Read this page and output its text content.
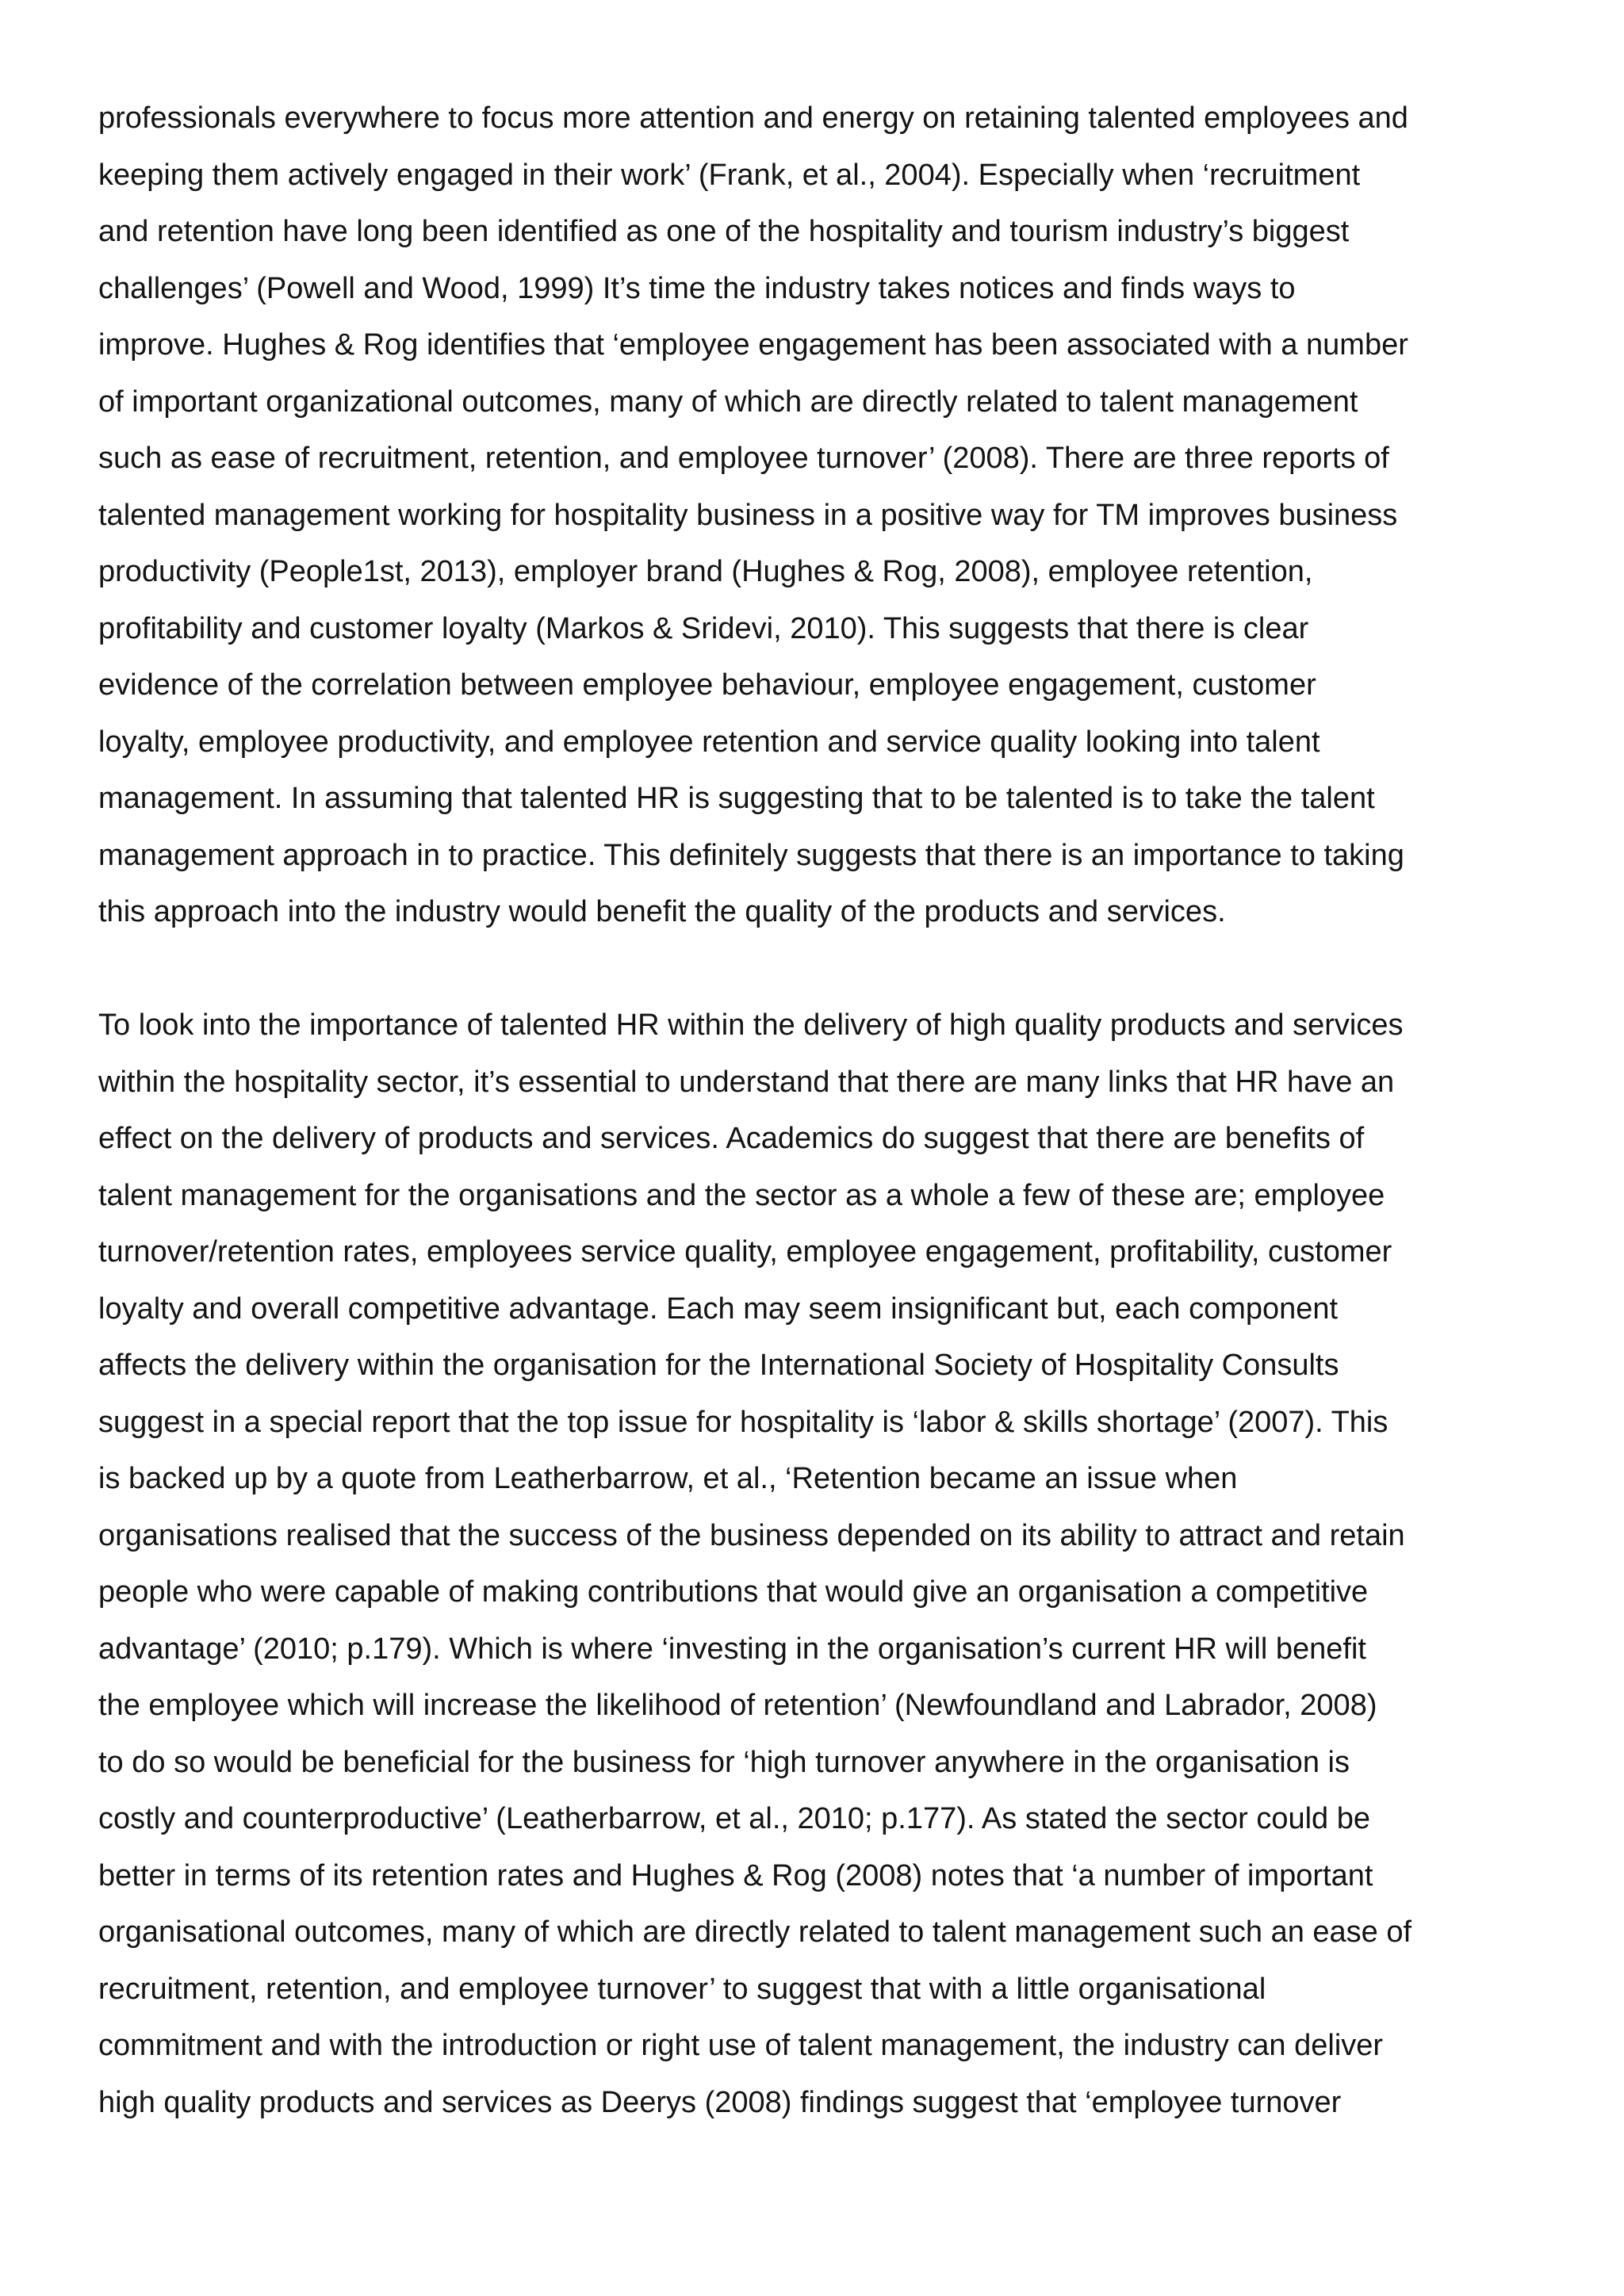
professionals everywhere to focus more attention and energy on retaining talented employees and
keeping them actively engaged in their work’ (Frank, et al., 2004). Especially when ‘recruitment
and retention have long been identified as one of the hospitality and tourism industry’s biggest
challenges’ (Powell and Wood, 1999) It’s time the industry takes notices and finds ways to
improve. Hughes & Rog identifies that ‘employee engagement has been associated with a number
of important organizational outcomes, many of which are directly related to talent management
such as ease of recruitment, retention, and employee turnover’ (2008). There are three reports of
talented management working for hospitality business in a positive way for TM improves business
productivity (People1st, 2013), employer brand (Hughes & Rog, 2008), employee retention,
profitability and customer loyalty (Markos & Sridevi, 2010). This suggests that there is clear
evidence of the correlation between employee behaviour, employee engagement, customer
loyalty, employee productivity, and employee retention and service quality looking into talent
management. In assuming that talented HR is suggesting that to be talented is to take the talent
management approach in to practice. This definitely suggests that there is an importance to taking
this approach into the industry would benefit the quality of the products and services.
To look into the importance of talented HR within the delivery of high quality products and services
within the hospitality sector, it’s essential to understand that there are many links that HR have an
effect on the delivery of products and services. Academics do suggest that there are benefits of
talent management for the organisations and the sector as a whole a few of these are; employee
turnover/retention rates, employees service quality, employee engagement, profitability, customer
loyalty and overall competitive advantage. Each may seem insignificant but, each component
affects the delivery within the organisation for the International Society of Hospitality Consults
suggest in a special report that the top issue for hospitality is ‘labor & skills shortage’ (2007). This
is backed up by a quote from Leatherbarrow, et al., ‘Retention became an issue when
organisations realised that the success of the business depended on its ability to attract and retain
people who were capable of making contributions that would give an organisation a competitive
advantage’ (2010; p.179). Which is where ‘investing in the organisation’s current HR will benefit
the employee which will increase the likelihood of retention’ (Newfoundland and Labrador, 2008)
to do so would be beneficial for the business for ‘high turnover anywhere in the organisation is
costly and counterproductive’ (Leatherbarrow, et al., 2010; p.177). As stated the sector could be
better in terms of its retention rates and Hughes & Rog (2008) notes that ‘a number of important
organisational outcomes, many of which are directly related to talent management such an ease of
recruitment, retention, and employee turnover’ to suggest that with a little organisational
commitment and with the introduction or right use of talent management, the industry can deliver
high quality products and services as Deerys (2008) findings suggest that ‘employee turnover
